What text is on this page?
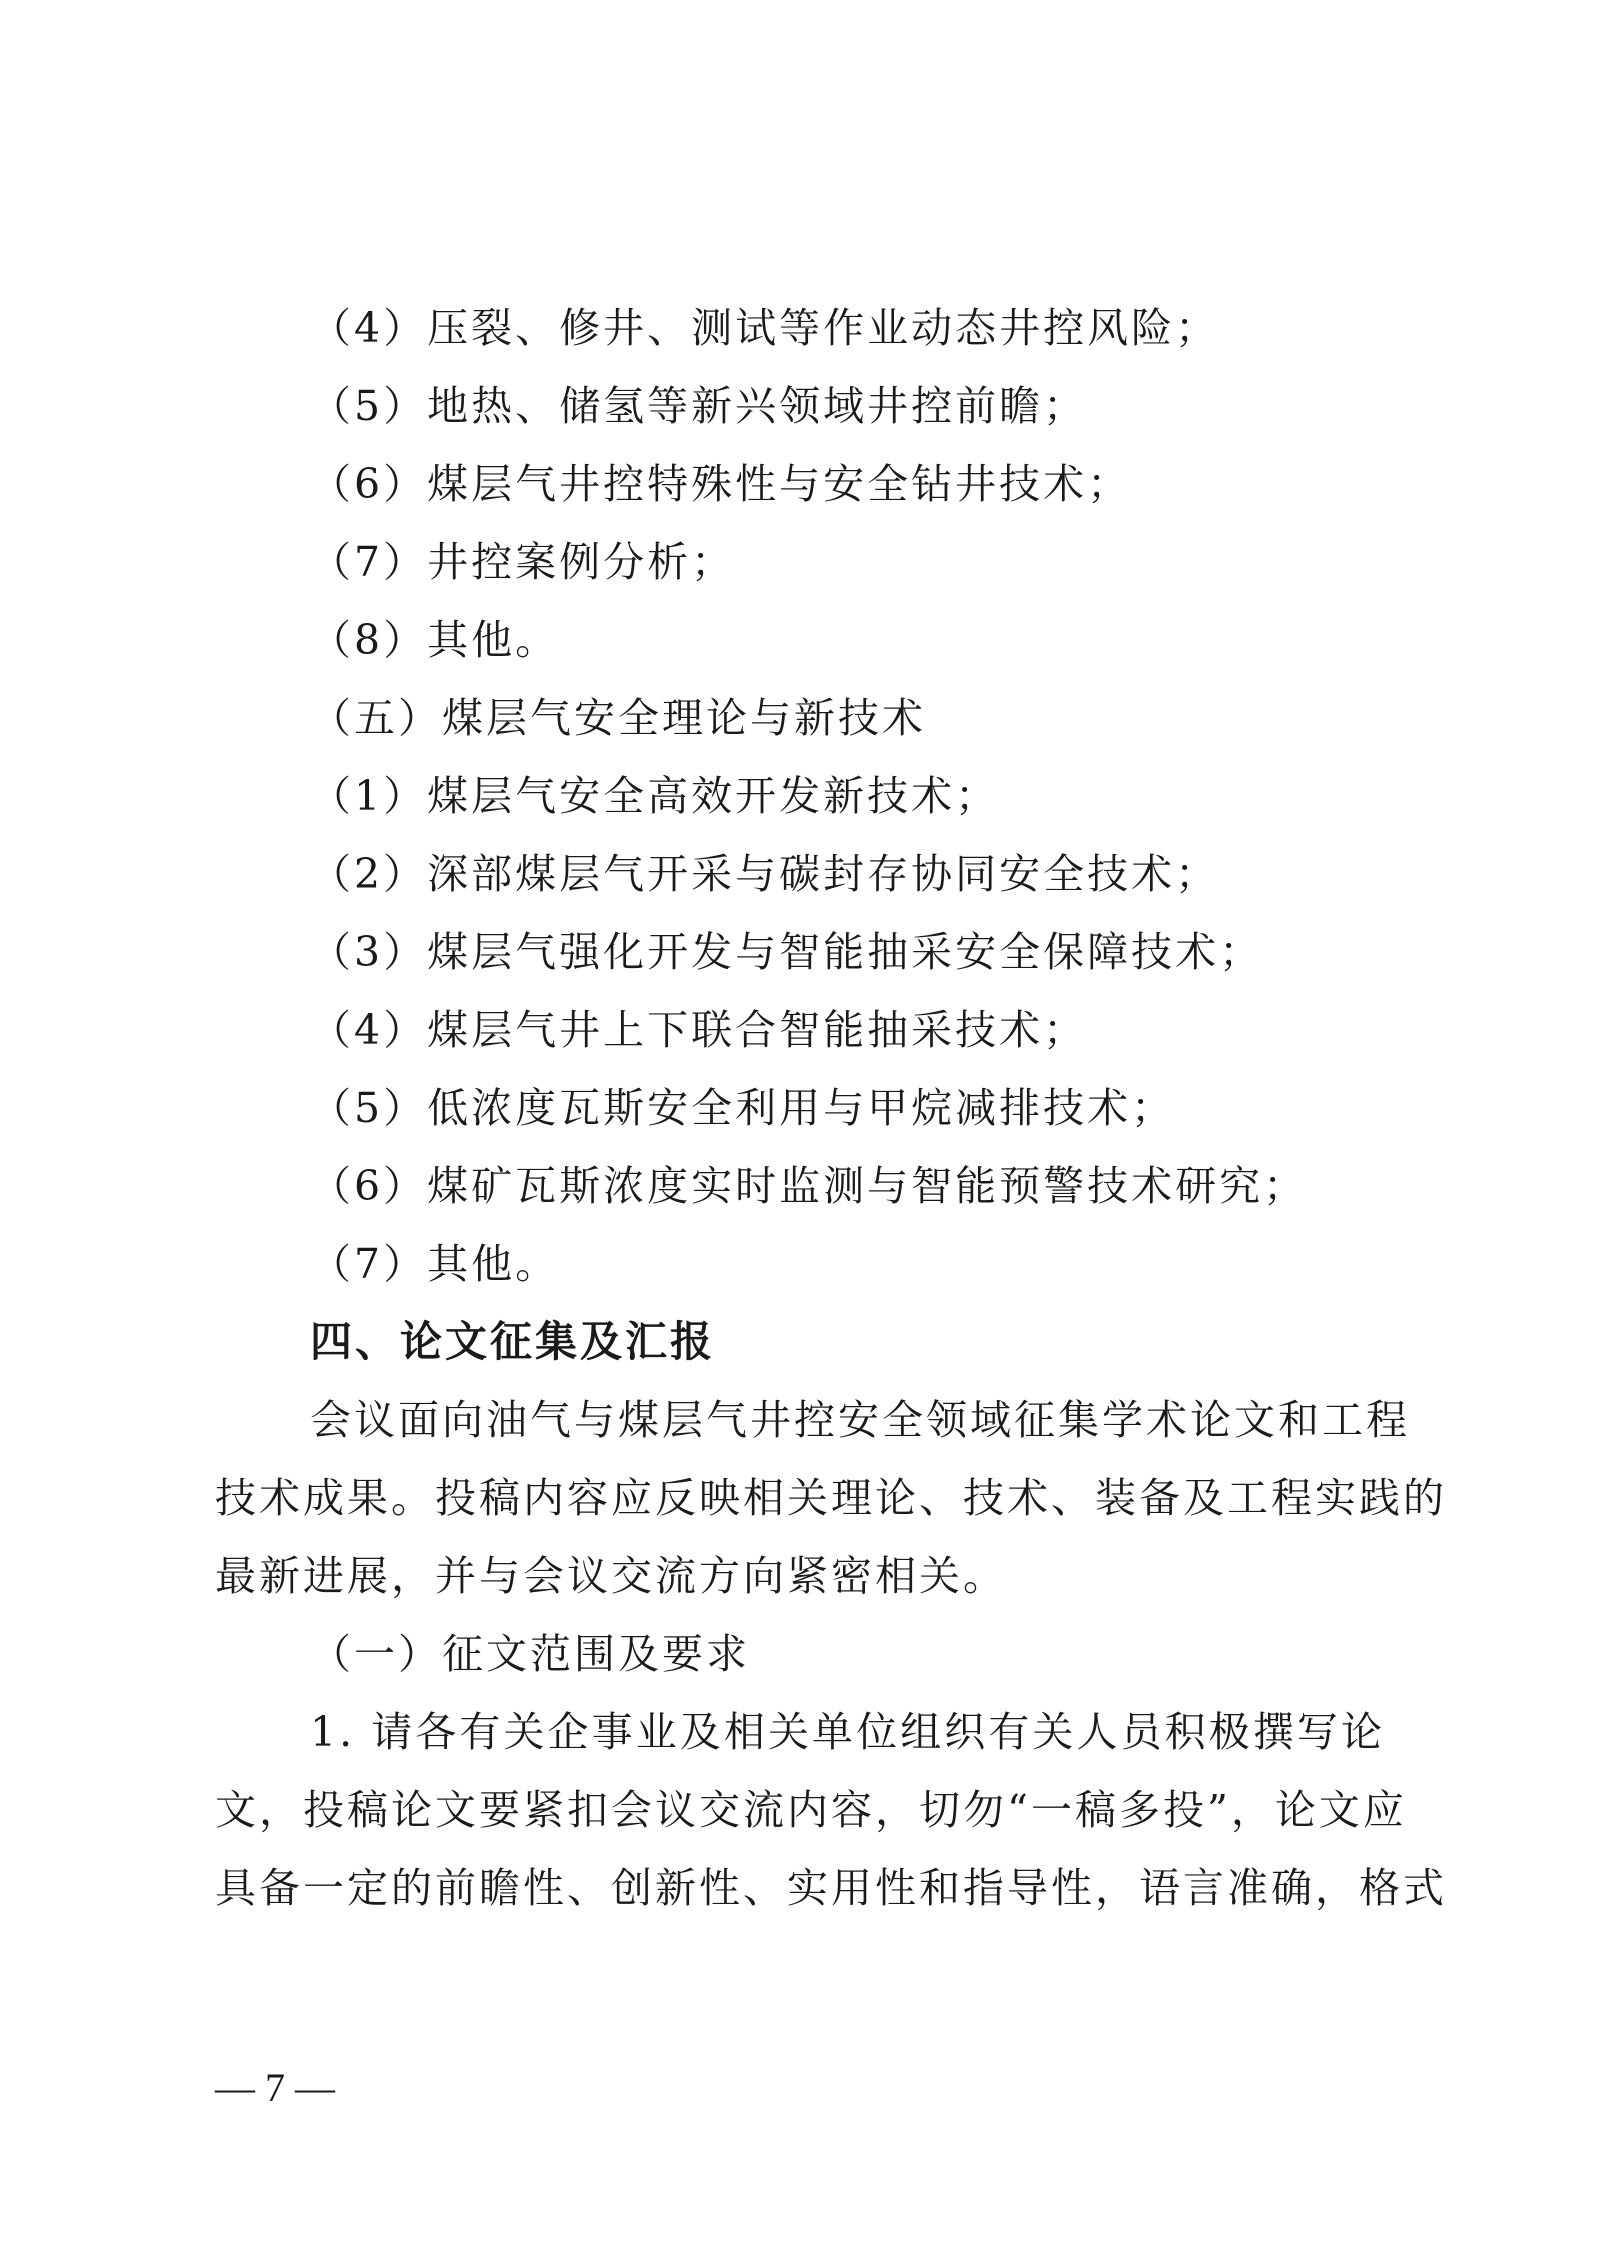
（4）压裂、修井、测试等作业动态井控风险；
（5）地热、储氢等新兴领域井控前瞻；
（6）煤层气井控特殊性与安全钻井技术；
（7）井控案例分析；
（8）其他。
（五）煤层气安全理论与新技术
（1）煤层气安全高效开发新技术；
（2）深部煤层气开采与碳封存协同安全技术；
（3）煤层气强化开发与智能抽采安全保障技术；
（4）煤层气井上下联合智能抽采技术；
（5）低浓度瓦斯安全利用与甲烷减排技术；
（6）煤矿瓦斯浓度实时监测与智能预警技术研究；
（7）其他。
四、论文征集及汇报
会议面向油气与煤层气井控安全领域征集学术论文和工程
技术成果。投稿内容应反映相关理论、技术、装备及工程实践的
最新进展，并与会议交流方向紧密相关。
（一）征文范围及要求
1. 请各有关企事业及相关单位组织有关人员积极撰写论
文，投稿论文要紧扣会议交流内容，切勿“一稿多投”，论文应
具备一定的前瞻性、创新性、实用性和指导性，语言准确，格式
— 7 —
